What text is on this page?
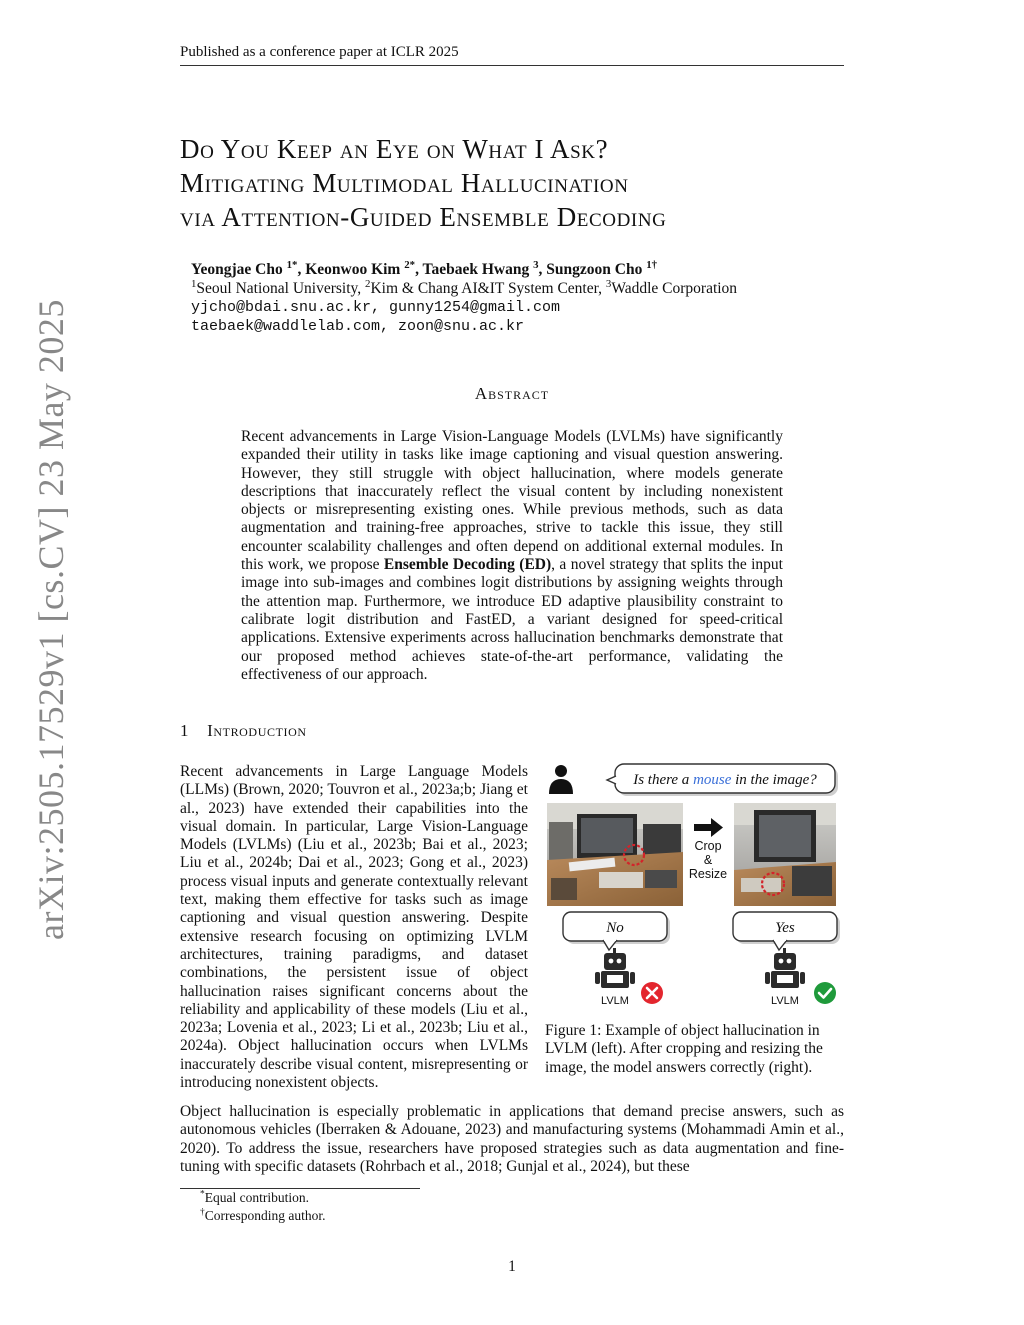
Published as a conference paper at ICLR 2025
arXiv:2505.17529v1 [cs.CV] 23 May 2025
Do You Keep an Eye on What I Ask?
Mitigating Multimodal Hallucination
via Attention-Guided Ensemble Decoding
Yeongjae Cho $^{1*}$, Keonwoo Kim $^{2*}$, Taebaek Hwang $^3$, Sungzoon Cho $^{1\dagger}$
$^1$Seoul National University, $^2$Kim & Chang AI&IT System Center, $^3$Waddle Corporation
yjcho@bdai.snu.ac.kr, gunny1254@gmail.com
taebaek@waddlelab.com, zoon@snu.ac.kr
Abstract
Recent advancements in Large Vision-Language Models (LVLMs) have significantly expanded their utility in tasks like image captioning and visual question answering. However, they still struggle with object hallucination, where models generate descriptions that inaccurately reflect the visual content by including nonexistent objects or misrepresenting existing ones. While previous methods, such as data augmentation and training-free approaches, strive to tackle this issue, they still encounter scalability challenges and often depend on additional external modules. In this work, we propose Ensemble Decoding (ED), a novel strategy that splits the input image into sub-images and combines logit distributions by assigning weights through the attention map. Furthermore, we introduce ED adaptive plausibility constraint to calibrate logit distribution and FastED, a variant designed for speed-critical applications. Extensive experiments across hallucination benchmarks demonstrate that our proposed method achieves state-of-the-art performance, validating the effectiveness of our approach.
1 Introduction
Recent advancements in Large Language Models (LLMs) (Brown, 2020; Touvron et al., 2023a;b; Jiang et al., 2023) have extended their capabilities into the visual domain. In particular, Large Vision-Language Models (LVLMs) (Liu et al., 2023b; Bai et al., 2023; Liu et al., 2024b; Dai et al., 2023; Gong et al., 2023) process visual inputs and generate contextually relevant text, making them effective for tasks such as image captioning and visual question answering. Despite extensive research focusing on optimizing LVLM architectures, training paradigms, and dataset combinations, the persistent issue of object hallucination raises significant concerns about the reliability and applicability of these models (Liu et al., 2023a; Lovenia et al., 2023; Li et al., 2023b; Liu et al., 2024a). Object hallucination occurs when LVLMs inaccurately describe visual content, misrepresenting or introducing nonexistent objects.
Is there a mouse in the image?
Crop
&
Resize
No	Yes
LVLM	LVLM
Figure 1: Example of object hallucination in LVLM (left). After cropping and resizing the image, the model answers correctly (right).
Object hallucination is especially problematic in applications that demand precise answers, such as autonomous vehicles (Iberraken & Adouane, 2023) and manufacturing systems (Mohammadi Amin et al., 2020). To address the issue, researchers have proposed strategies such as data augmentation and fine-tuning with specific datasets (Rohrbach et al., 2018; Gunjal et al., 2024), but these
*Equal contribution.
†Corresponding author.
1
